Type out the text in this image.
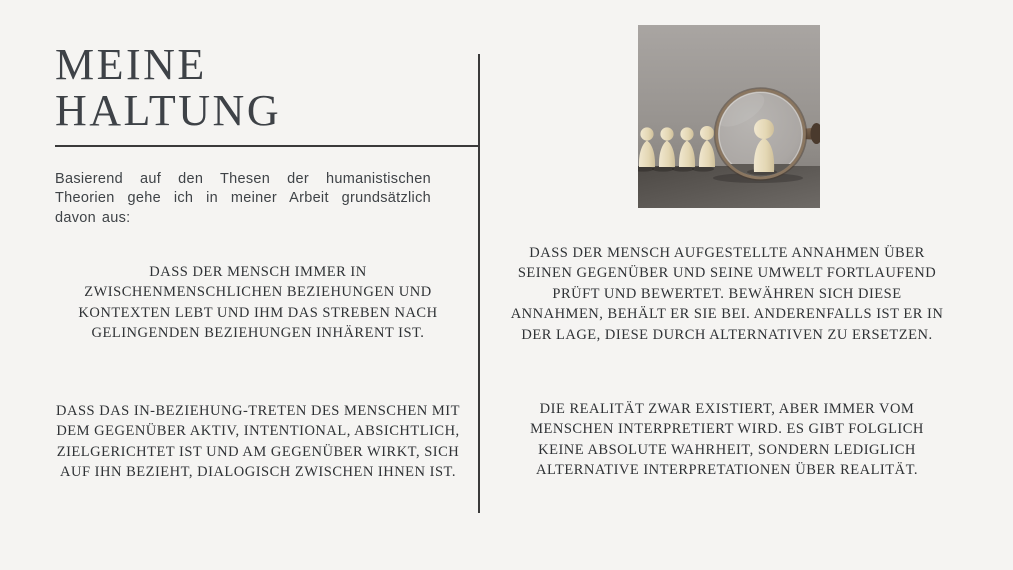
MEINE
HALTUNG

Basierend auf den Thesen der humanistischen Theorien gehe ich in meiner Arbeit grundsätzlich davon aus:

DASS DER MENSCH IMMER IN ZWISCHENMENSCHLICHEN BEZIEHUNGEN UND KONTEXTEN LEBT UND IHM DAS STREBEN NACH GELINGENDEN BEZIEHUNGEN INHÄRENT IST.

DASS DAS IN-BEZIEHUNG-TRETEN DES MENSCHEN MIT DEM GEGENÜBER AKTIV, INTENTIONAL, ABSICHTLICH, ZIELGERICHTET IST UND AM GEGENÜBER WIRKT, SICH AUF IHN BEZIEHT, DIALOGISCH ZWISCHEN IHNEN IST.

DASS DER MENSCH AUFGESTELLTE ANNAHMEN ÜBER SEINEN GEGENÜBER UND SEINE UMWELT FORTLAUFEND PRÜFT UND BEWERTET. BEWÄHREN SICH DIESE ANNAHMEN, BEHÄLT ER SIE BEI. ANDERENFALLS IST ER IN DER LAGE, DIESE DURCH ALTERNATIVEN ZU ERSETZEN.

DIE REALITÄT ZWAR EXISTIERT, ABER IMMER VOM MENSCHEN INTERPRETIERT WIRD. ES GIBT FOLGLICH KEINE ABSOLUTE WAHRHEIT, SONDERN LEDIGLICH ALTERNATIVE INTERPRETATIONEN ÜBER REALITÄT.
